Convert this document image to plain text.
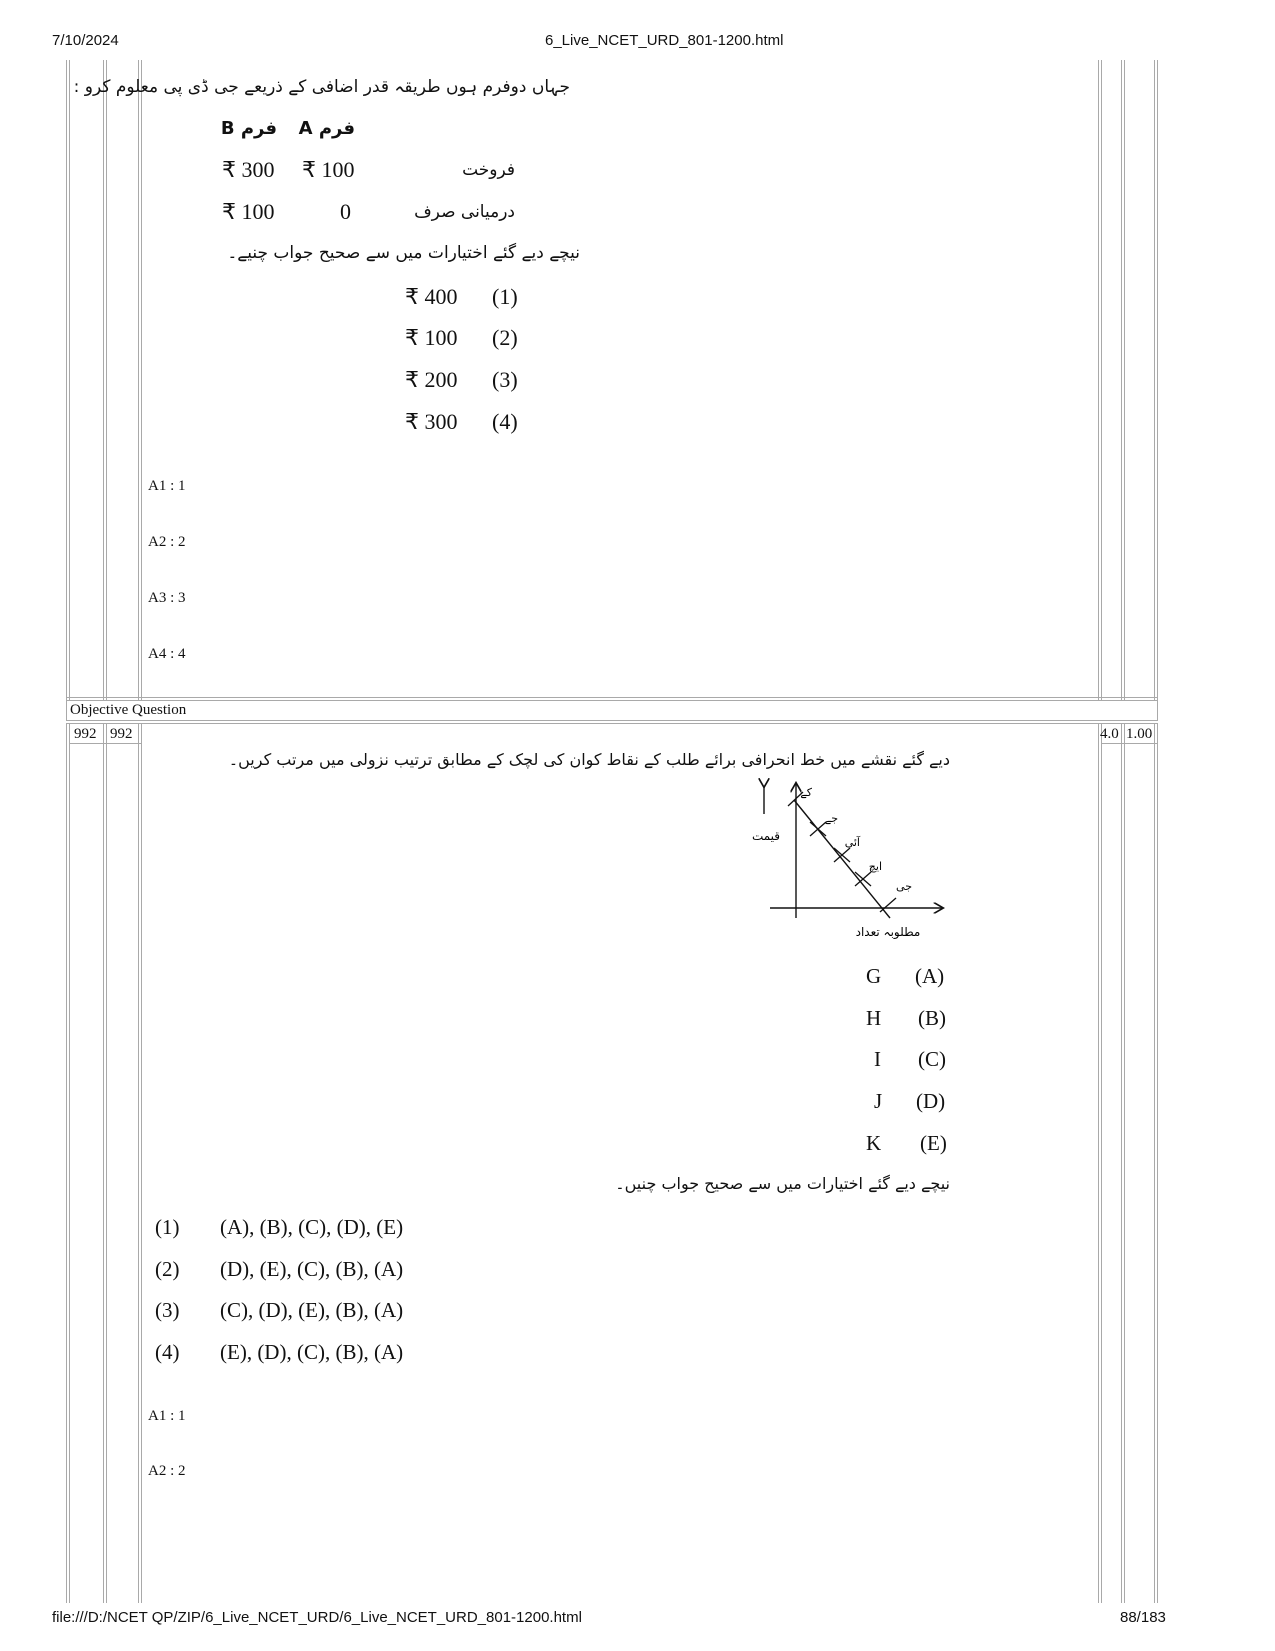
7/10/2024	6_Live_NCET_URD_801-1200.html
file:///D:/NCET QP/ZIP/6_Live_NCET_URD/6_Live_NCET_URD_801-1200.html	88/183
جہاں دوفرم ہوں طریقہ قدر اضافی کے ذریعے جی ڈی پی معلوم کرو :
فرم B فرم A
₹ 300 ₹ 100	فروخت
₹ 100	0	درمیانی صرف
نیچے دیے گئے اختیارات میں سے صحیح جواب چنیے۔
₹ 400 (1)
₹ 100 (2)
₹ 200 (3)
₹ 300 (4)
A1 : 1
A2 : 2
A3 : 3
A4 : 4
Objective Question
992 992	4.0 1.00
دیے گئے نقشے میں خط انحرافی برائے طلب کے نقاط کوان کی لچک کے مطابق ترتیب نزولی میں مرتب کریں۔
کے
جے
آئی
ایچ
جی
قیمت
مطلوبہ تعداد
G (A)
H (B)
I (C)
J (D)
K (E)
نیچے دیے گئے اختیارات میں سے صحیح جواب چنیں۔
(1) (A), (B), (C), (D), (E)
(2) (D), (E), (C), (B), (A)
(3) (C), (D), (E), (B), (A)
(4) (E), (D), (C), (B), (A)
A1 : 1
A2 : 2
